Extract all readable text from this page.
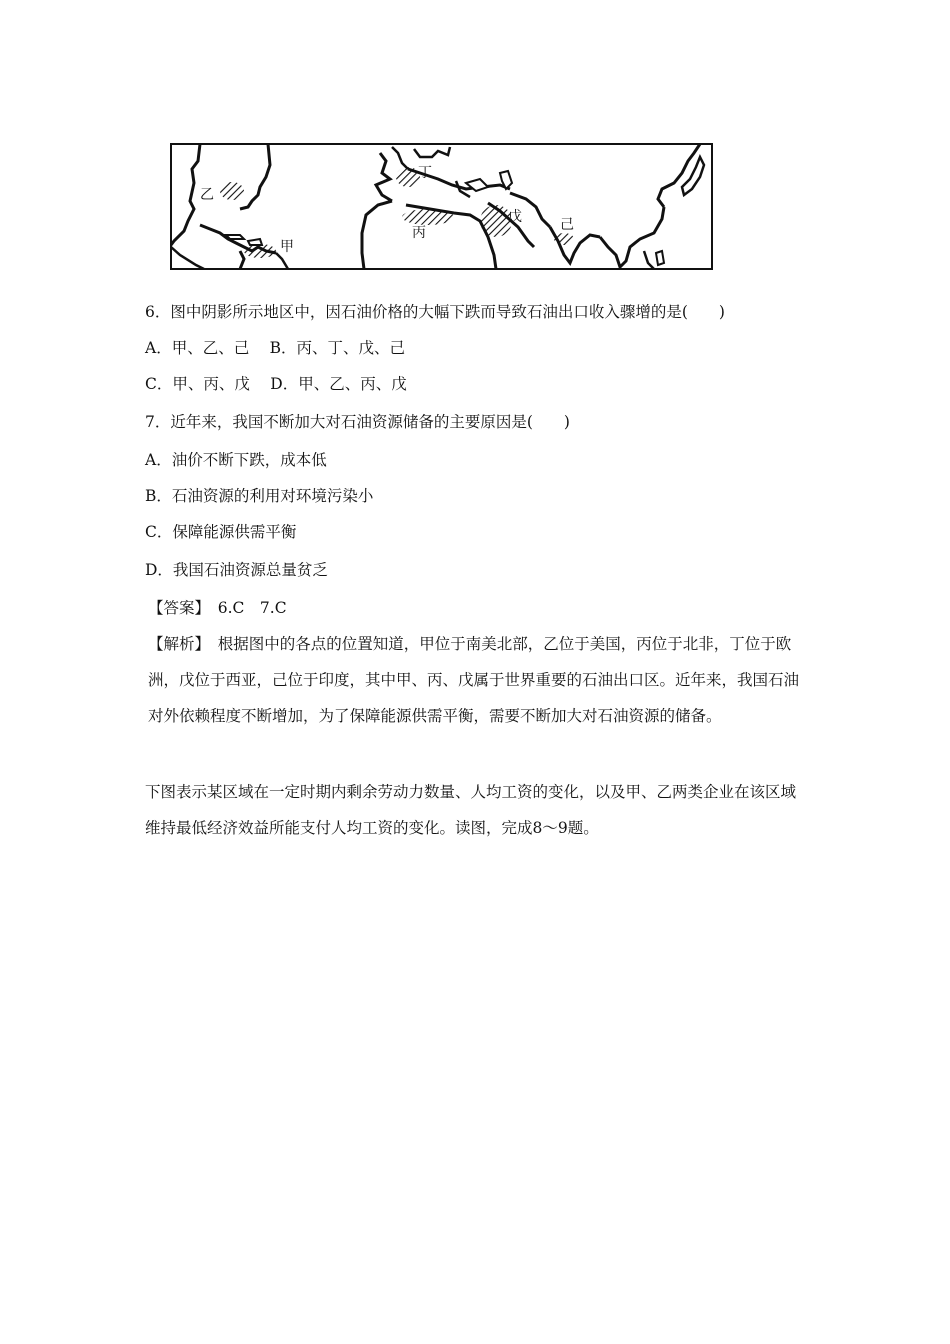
乙
甲
丙
丁
戊	己
6．图中阴影所示地区中，因石油价格的大幅下跌而导致石油出口收入骤增的是(　　)
A．甲、乙、己　 B．丙、丁、戊、己
C．甲、丙、戊　 D．甲、乙、丙、戊
7．近年来，我国不断加大对石油资源储备的主要原因是(　　)
A．油价不断下跌，成本低
B．石油资源的利用对环境污染小
C．保障能源供需平衡
D．我国石油资源总量贫乏
【答案】　6.C　7.C

【解析】　根据图中的各点的位置知道，甲位于南美北部，乙位于美国，丙位于北非，丁位于欧洲，戊位于西亚，己位于印度，其中甲、丙、戊属于世界重要的石油出口区。近年来，我国石油对外依赖程度不断增加，为了保障能源供需平衡，需要不断加大对石油资源的储备。

下图表示某区域在一定时期内剩余劳动力数量、人均工资的变化，以及甲、乙两类企业在该区域维持最低经济效益所能支付人均工资的变化。读图，完成8～9题。
